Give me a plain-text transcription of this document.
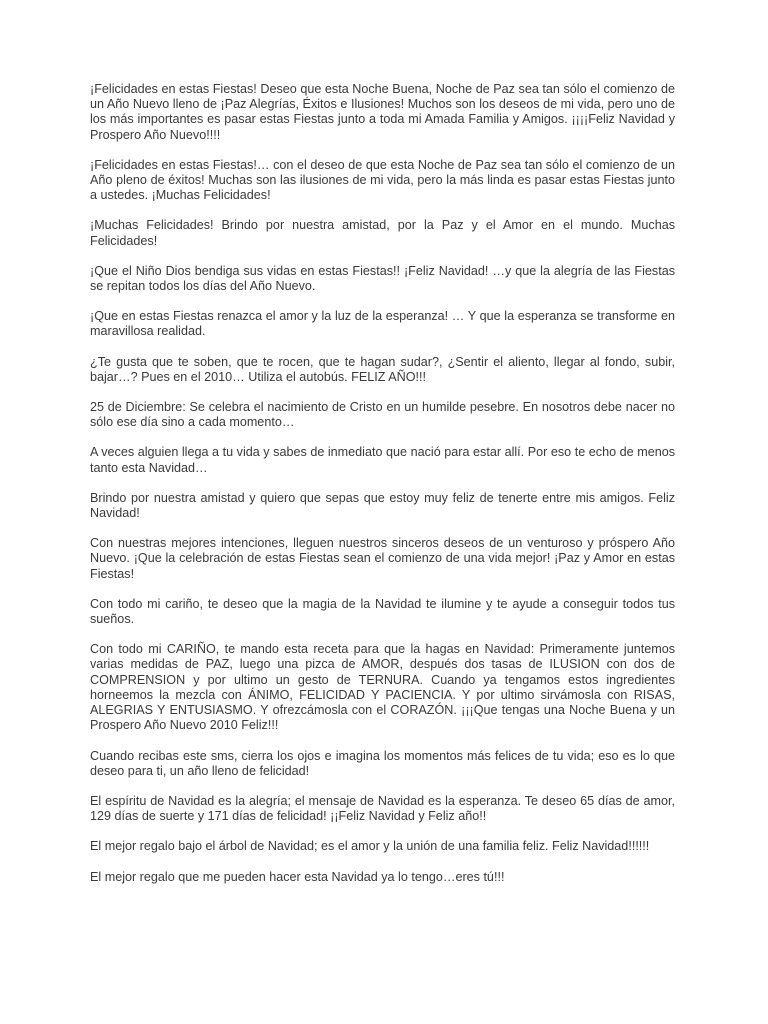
¡Felicidades en estas Fiestas! Deseo que esta Noche Buena, Noche de Paz sea tan sólo el comienzo de un Año Nuevo lleno de ¡Paz Alegrías, Éxitos e Ilusiones! Muchos son los deseos de mi vida, pero uno de los más importantes es pasar estas Fiestas junto a toda mi Amada Familia y Amigos. ¡¡¡¡Feliz Navidad y Prospero Año Nuevo!!!!

¡Felicidades en estas Fiestas!… con el deseo de que esta Noche de Paz sea tan sólo el comienzo de un Año pleno de éxitos! Muchas son las ilusiones de mi vida, pero la más linda es pasar estas Fiestas junto a ustedes. ¡Muchas Felicidades!

¡Muchas Felicidades! Brindo por nuestra amistad, por la Paz y el Amor en el mundo. Muchas Felicidades!

¡Que el Niño Dios bendiga sus vidas en estas Fiestas!! ¡Feliz Navidad! …y que la alegría de las Fiestas se repitan todos los días del Año Nuevo.

¡Que en estas Fiestas renazca el amor y la luz de la esperanza! … Y que la esperanza se transforme en maravillosa realidad.

¿Te gusta que te soben, que te rocen, que te hagan sudar?, ¿Sentir el aliento, llegar al fondo, subir, bajar…? Pues en el 2010… Utiliza el autobús. FELIZ AÑO!!!

25 de Diciembre: Se celebra el nacimiento de Cristo en un humilde pesebre. En nosotros debe nacer no sólo ese día sino a cada momento…

A veces alguien llega a tu vida y sabes de inmediato que nació para estar allí. Por eso te echo de menos tanto esta Navidad…

Brindo por nuestra amistad y quiero que sepas que estoy muy feliz de tenerte entre mis amigos. Feliz Navidad!

Con nuestras mejores intenciones, lleguen nuestros sinceros deseos de un venturoso y próspero Año Nuevo. ¡Que la celebración de estas Fiestas sean el comienzo de una vida mejor! ¡Paz y Amor en estas Fiestas!

Con todo mi cariño, te deseo que la magia de la Navidad te ilumine y te ayude a conseguir todos tus sueños.

Con todo mi CARIÑO, te mando esta receta para que la hagas en Navidad: Primeramente juntemos varias medidas de PAZ, luego una pizca de AMOR, después dos tasas de ILUSION con dos de COMPRENSION y por ultimo un gesto de TERNURA. Cuando ya tengamos estos ingredientes horneemos la mezcla con ÁNIMO, FELICIDAD Y PACIENCIA. Y por ultimo sirvámosla con RISAS, ALEGRIAS Y ENTUSIASMO. Y ofrezcámosla con el CORAZÓN. ¡¡¡Que tengas una Noche Buena y un Prospero Año Nuevo 2010 Feliz!!!

Cuando recibas este sms, cierra los ojos e imagina los momentos más felices de tu vida; eso es lo que deseo para ti, un año lleno de felicidad!

El espíritu de Navidad es la alegría; el mensaje de Navidad es la esperanza. Te deseo 65 días de amor, 129 días de suerte y 171 días de felicidad! ¡¡Feliz Navidad y Feliz año!!

El mejor regalo bajo el árbol de Navidad; es el amor y la unión de una familia feliz. Feliz Navidad!!!!!!

El mejor regalo que me pueden hacer esta Navidad ya lo tengo…eres tú!!!
